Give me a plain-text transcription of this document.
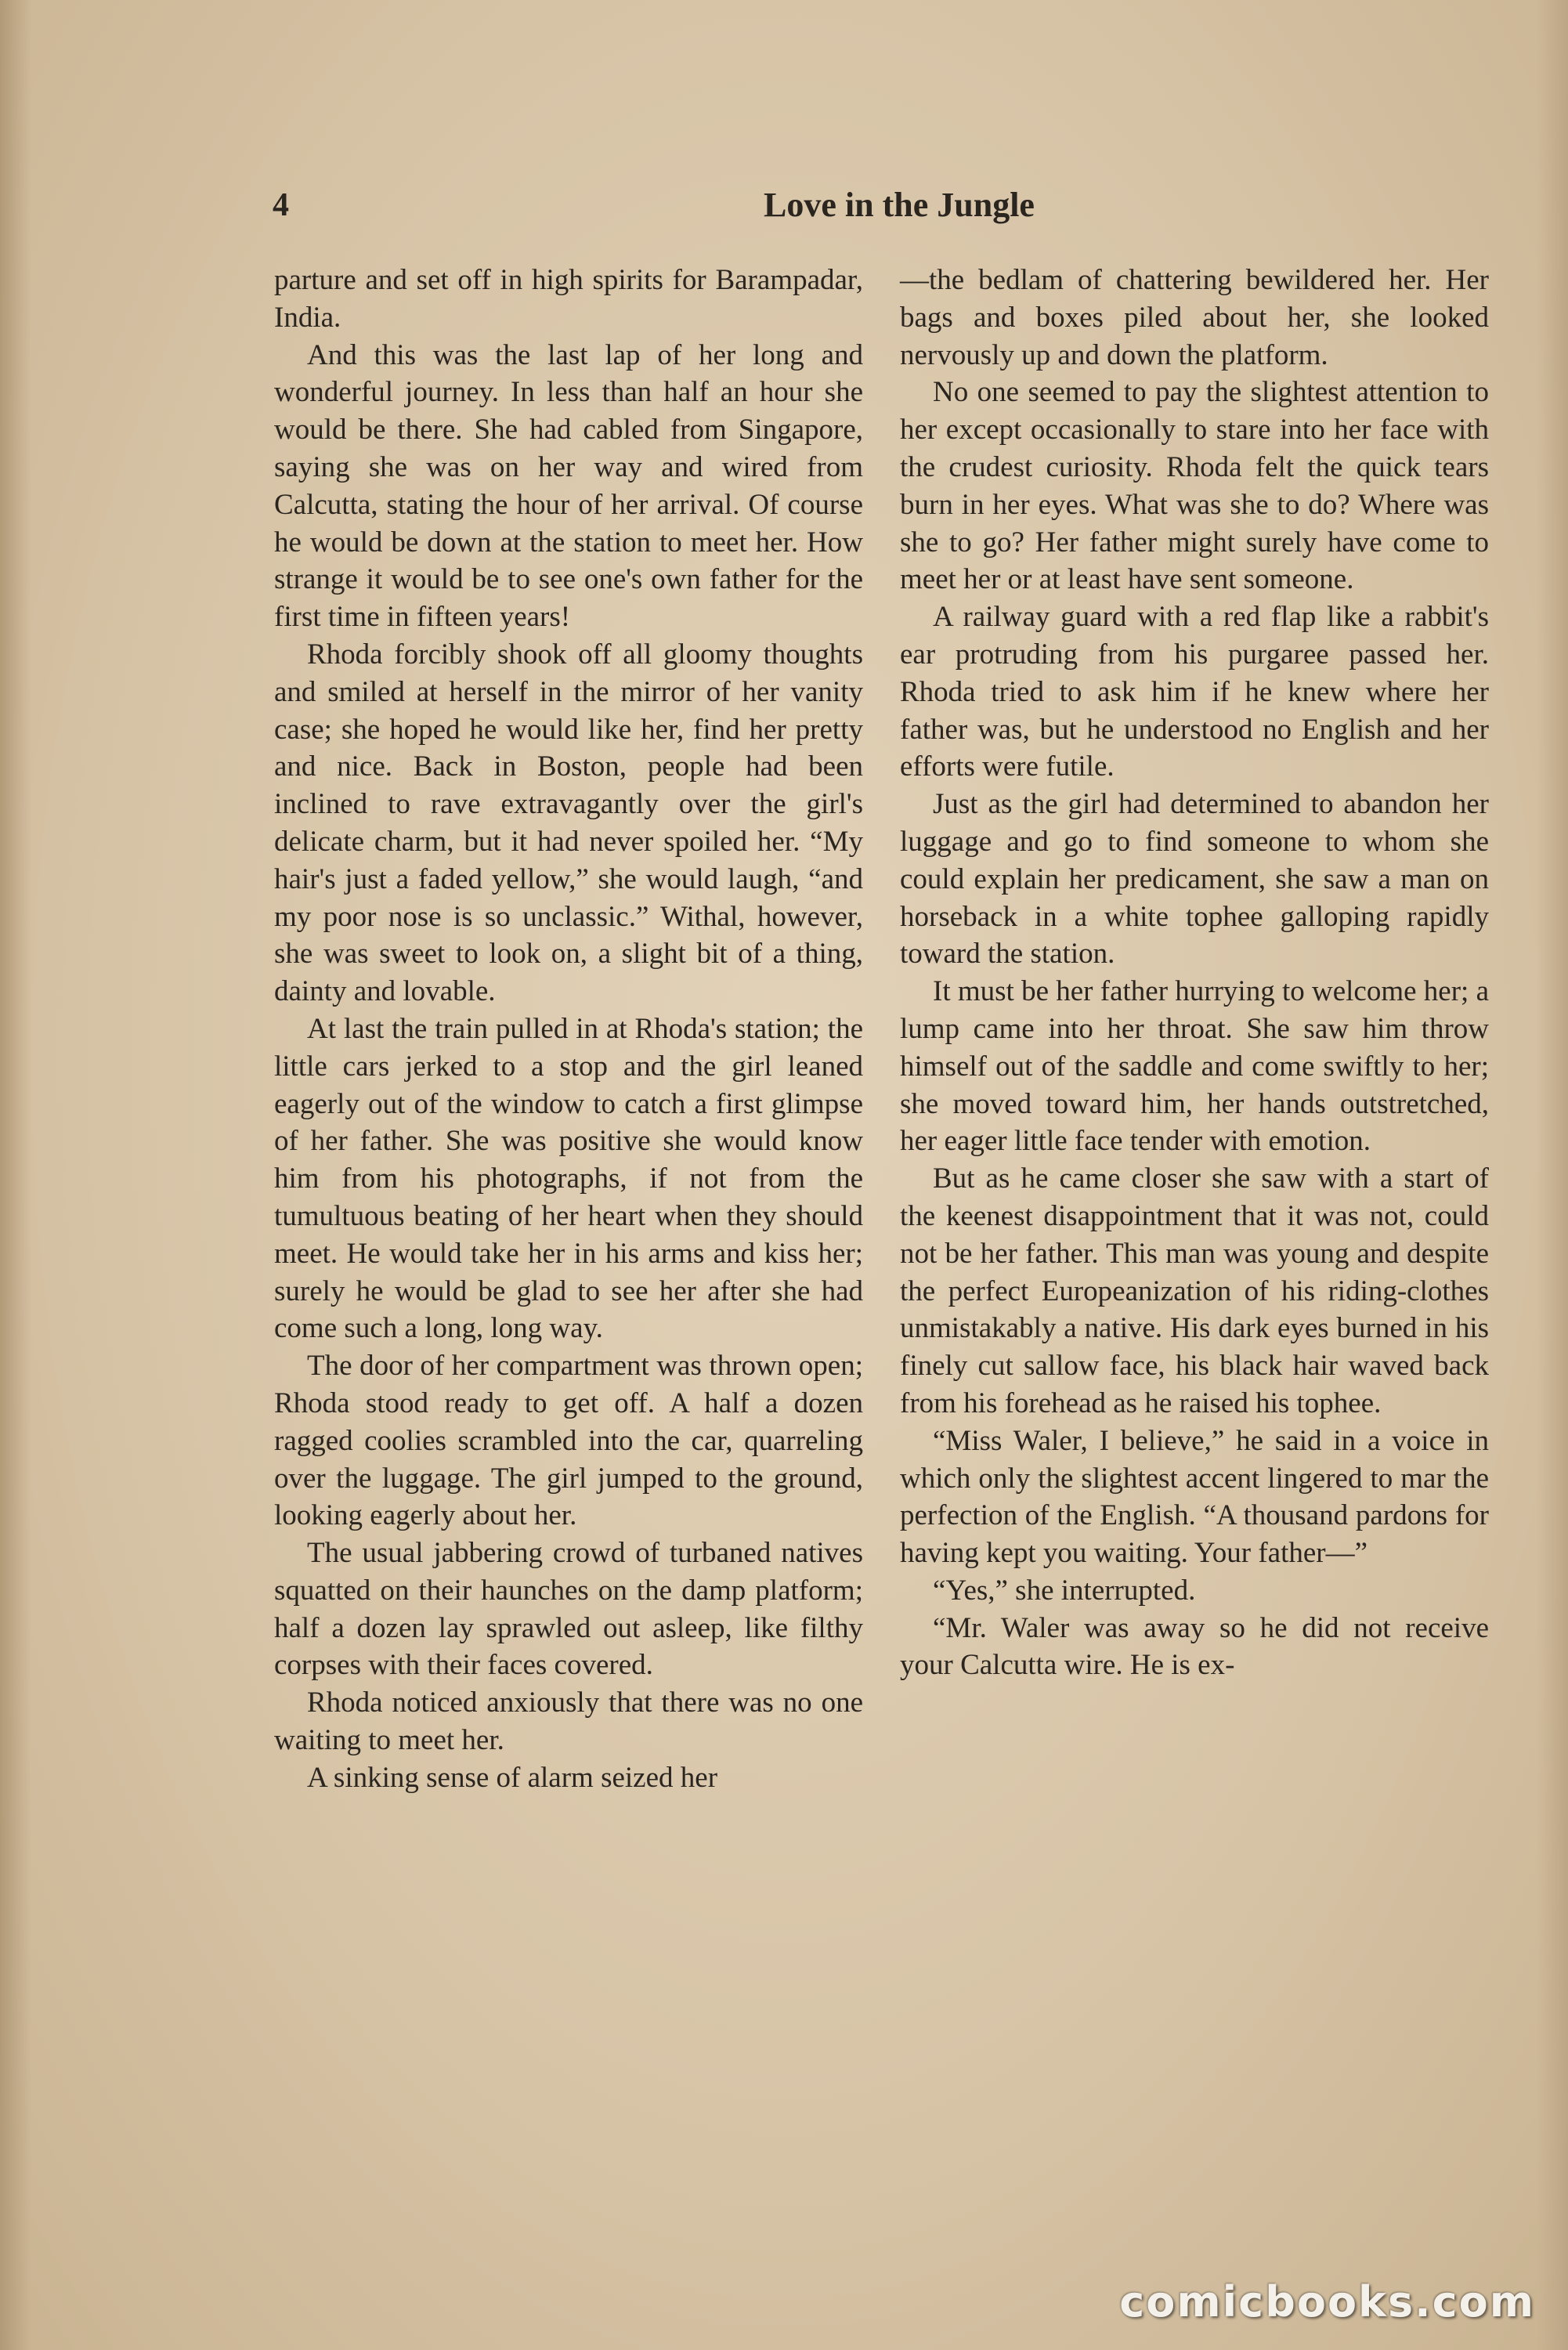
4	Love in the Jungle

parture and set off in high spirits for Barampadar, India.

And this was the last lap of her long and wonderful journey. In less than half an hour she would be there. She had cabled from Singapore, saying she was on her way and wired from Calcutta, stating the hour of her arrival. Of course he would be down at the station to meet her. How strange it would be to see one's own father for the first time in fifteen years!

Rhoda forcibly shook off all gloomy thoughts and smiled at herself in the mirror of her vanity case; she hoped he would like her, find her pretty and nice. Back in Boston, people had been inclined to rave extravagantly over the girl's delicate charm, but it had never spoiled her. “My hair's just a faded yellow,” she would laugh, “and my poor nose is so unclassic.” Withal, however, she was sweet to look on, a slight bit of a thing, dainty and lovable.

At last the train pulled in at Rhoda's station; the little cars jerked to a stop and the girl leaned eagerly out of the window to catch a first glimpse of her father. She was positive she would know him from his photographs, if not from the tumultuous beating of her heart when they should meet. He would take her in his arms and kiss her; surely he would be glad to see her after she had come such a long, long way.

The door of her compartment was thrown open; Rhoda stood ready to get off. A half a dozen ragged coolies scrambled into the car, quarreling over the luggage. The girl jumped to the ground, looking eagerly about her.

The usual jabbering crowd of turbaned natives squatted on their haunches on the damp platform; half a dozen lay sprawled out asleep, like filthy corpses with their faces covered.

Rhoda noticed anxiously that there was no one waiting to meet her.

A sinking sense of alarm seized her

—the bedlam of chattering bewildered her. Her bags and boxes piled about her, she looked nervously up and down the platform.

No one seemed to pay the slightest attention to her except occasionally to stare into her face with the crudest curiosity. Rhoda felt the quick tears burn in her eyes. What was she to do? Where was she to go? Her father might surely have come to meet her or at least have sent someone.

A railway guard with a red flap like a rabbit's ear protruding from his purgaree passed her. Rhoda tried to ask him if he knew where her father was, but he understood no English and her efforts were futile.

Just as the girl had determined to abandon her luggage and go to find someone to whom she could explain her predicament, she saw a man on horseback in a white tophee galloping rapidly toward the station.

It must be her father hurrying to welcome her; a lump came into her throat. She saw him throw himself out of the saddle and come swiftly to her; she moved toward him, her hands outstretched, her eager little face tender with emotion.

But as he came closer she saw with a start of the keenest disappointment that it was not, could not be her father. This man was young and despite the perfect Europeanization of his riding-clothes unmistakably a native. His dark eyes burned in his finely cut sallow face, his black hair waved back from his forehead as he raised his tophee.

“Miss Waler, I believe,” he said in a voice in which only the slightest accent lingered to mar the perfection of the English. “A thousand pardons for having kept you waiting. Your father—”

“Yes,” she interrupted.

“Mr. Waler was away so he did not receive your Calcutta wire. He is ex-

comicbooks.com
